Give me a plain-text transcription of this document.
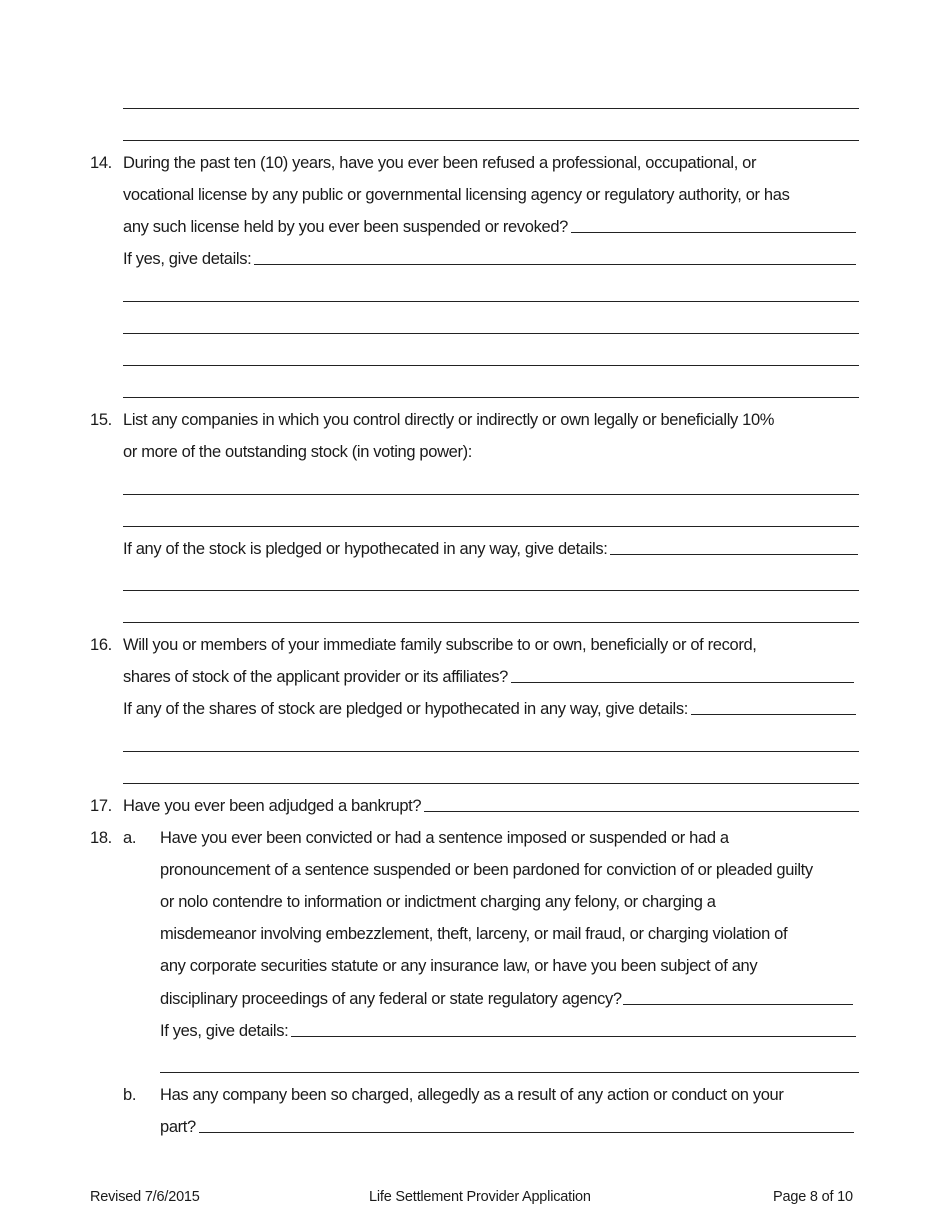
14. During the past ten (10) years, have you ever been refused a professional, occupational, or
vocational license by any public or governmental licensing agency or regulatory authority, or has
any such license held by you ever been suspended or revoked?
If yes, give details:
15. List any companies in which you control directly or indirectly or own legally or beneficially 10%
or more of the outstanding stock (in voting power):
If any of the stock is pledged or hypothecated in any way, give details:
16. Will you or members of your immediate family subscribe to or own, beneficially or of record,
shares of stock of the applicant provider or its affiliates?
If any of the shares of stock are pledged or hypothecated in any way, give details:
17. Have you ever been adjudged a bankrupt?
18. a. Have you ever been convicted or had a sentence imposed or suspended or had a
pronouncement of a sentence suspended or been pardoned for conviction of or pleaded guilty
or nolo contendre to information or indictment charging any felony, or charging a
misdemeanor involving embezzlement, theft, larceny, or mail fraud, or charging violation of
any corporate securities statute or any insurance law, or have you been subject of any
disciplinary proceedings of any federal or state regulatory agency?
If yes, give details:
b. Has any company been so charged, allegedly as a result of any action or conduct on your
part?
Revised 7/6/2015	Life Settlement Provider Application	Page 8 of 10
